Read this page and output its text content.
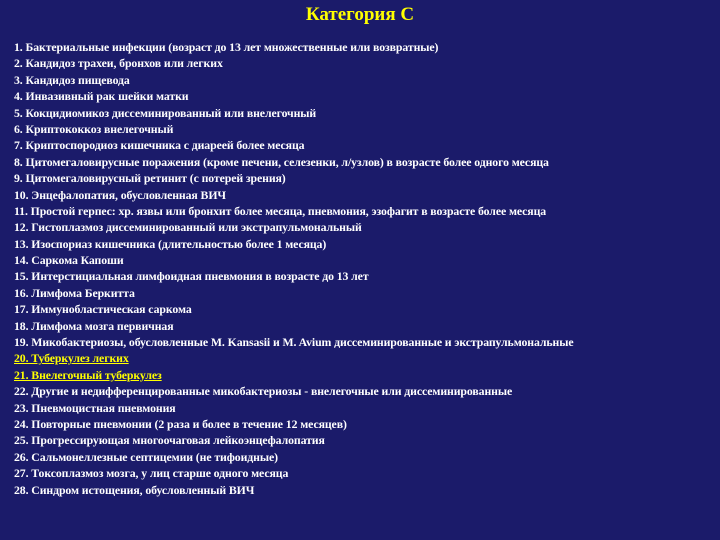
Категория С
1. Бактериальные инфекции (возраст до 13 лет множественные или возвратные)
2. Кандидоз трахеи, бронхов или легких
3. Кандидоз пищевода
4. Инвазивный рак шейки матки
5. Кокцидиомикоз диссеминированный или внелегочный
6. Криптококкоз внелегочный
7. Криптоспородиоз кишечника с диареей более месяца
8. Цитомегаловирусные поражения (кроме печени, селезенки, л/узлов) в возрасте более одного месяца
9. Цитомегаловирусный ретинит (с потерей зрения)
10. Энцефалопатия, обусловленная ВИЧ
11. Простой герпес: хр. язвы или бронхит более месяца, пневмония, эзофагит в возрасте более месяца
12. Гистоплазмоз диссеминированный или экстрапульмональный
13. Изоспориаз кишечника (длительностью более 1 месяца)
14. Саркома Капоши
15. Интерстициальная лимфоидная пневмония в возрасте до 13 лет
16. Лимфома Беркитта
17. Иммунобластическая саркома
18. Лимфома мозга первичная
19. Микобактериозы, обусловленные M. Kansasii и M. Avium диссеминированные и экстрапульмональные
20. Туберкулез легких
21. Внелегочный туберкулез
22. Другие и недифференцированные микобактериозы - внелегочные или диссеминированные
23. Пневмоцистная пневмония
24. Повторные пневмонии (2 раза и более в течение 12 месяцев)
25. Прогрессирующая многоочаговая лейкоэнцефалопатия
26. Сальмонеллезные септицемии (не тифоидные)
27. Токсоплазмоз мозга, у лиц старше одного месяца
28. Синдром истощения, обусловленный ВИЧ
